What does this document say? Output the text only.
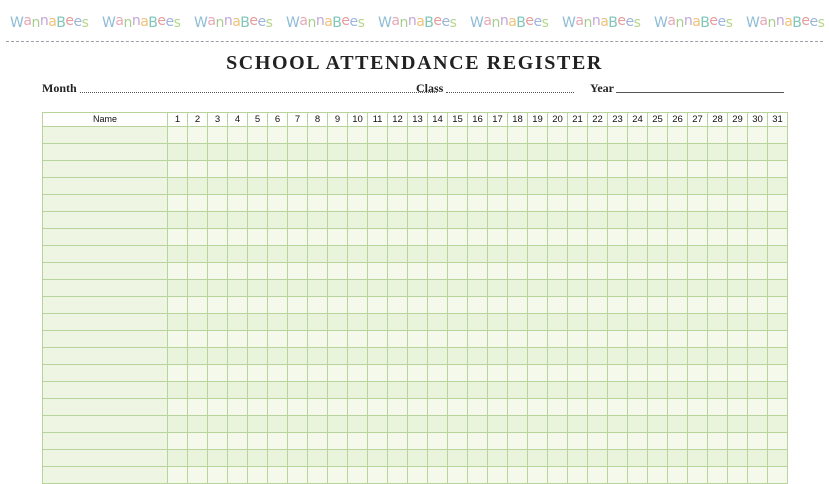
WannaBees WannaBees WannaBees WannaBees WannaBees WannaBees WannaBees WannaBees WannaBees
SCHOOL ATTENDANCE REGISTER
Month	Class	Year
Name	1	2	3	4	5	6	7	8	9	10	11	12	13	14	15	16	17	18	19	20	21	22	23	24	25	26	27	28	29	30	31
